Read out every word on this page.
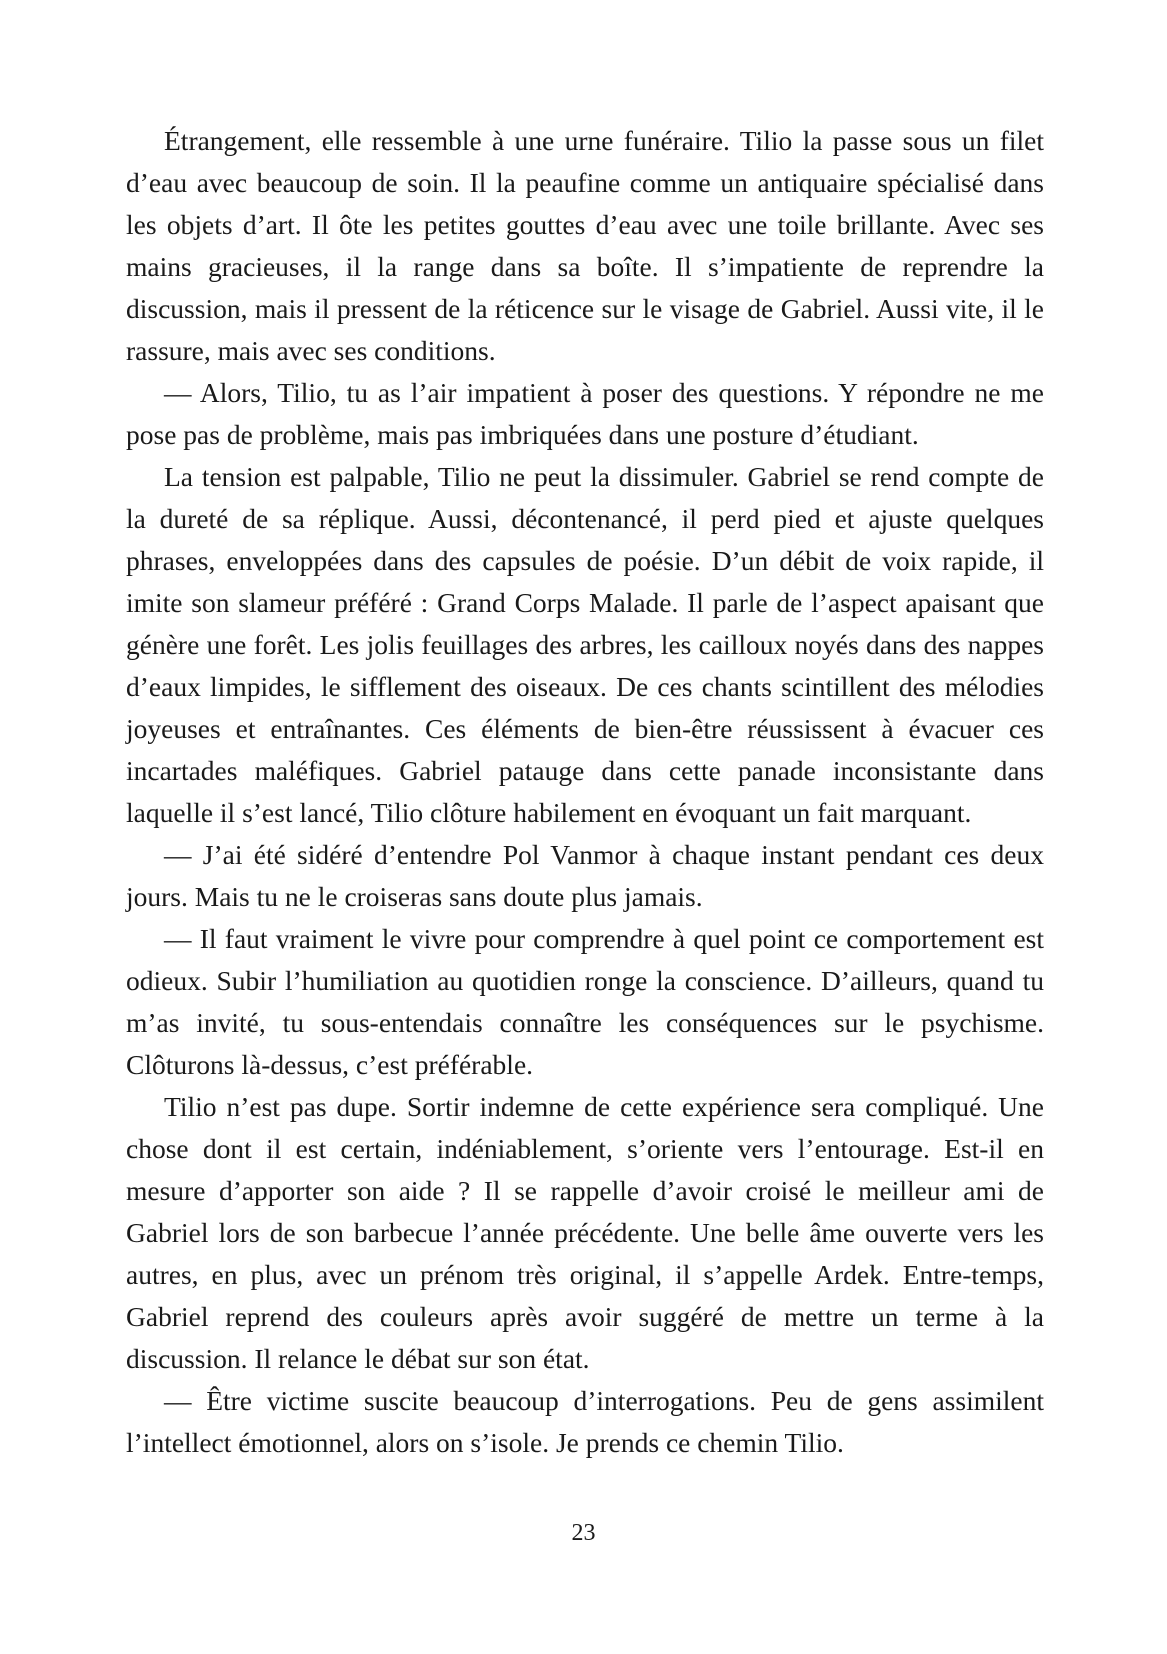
Étrangement, elle ressemble à une urne funéraire. Tilio la passe sous un filet d’eau avec beaucoup de soin. Il la peaufine comme un antiquaire spécialisé dans les objets d’art. Il ôte les petites gouttes d’eau avec une toile brillante. Avec ses mains gracieuses, il la range dans sa boîte. Il s’impatiente de reprendre la discussion, mais il pressent de la réticence sur le visage de Gabriel. Aussi vite, il le rassure, mais avec ses conditions.

— Alors, Tilio, tu as l’air impatient à poser des questions. Y répondre ne me pose pas de problème, mais pas imbriquées dans une posture d’étudiant.

La tension est palpable, Tilio ne peut la dissimuler. Gabriel se rend compte de la dureté de sa réplique. Aussi, décontenancé, il perd pied et ajuste quelques phrases, enveloppées dans des capsules de poésie. D’un débit de voix rapide, il imite son slameur préféré : Grand Corps Malade. Il parle de l’aspect apaisant que génère une forêt. Les jolis feuillages des arbres, les cailloux noyés dans des nappes d’eaux limpides, le sifflement des oiseaux. De ces chants scintillent des mélodies joyeuses et entraînantes. Ces éléments de bien-être réussissent à évacuer ces incartades maléfiques. Gabriel patauge dans cette panade inconsistante dans laquelle il s’est lancé, Tilio clôture habilement en évoquant un fait marquant.

— J’ai été sidéré d’entendre Pol Vanmor à chaque instant pendant ces deux jours. Mais tu ne le croiseras sans doute plus jamais.

— Il faut vraiment le vivre pour comprendre à quel point ce comportement est odieux. Subir l’humiliation au quotidien ronge la conscience. D’ailleurs, quand tu m’as invité, tu sous-entendais connaître les conséquences sur le psychisme. Clôturons là-dessus, c’est préférable.

Tilio n’est pas dupe. Sortir indemne de cette expérience sera compliqué. Une chose dont il est certain, indéniablement, s’oriente vers l’entourage. Est-il en mesure d’apporter son aide ? Il se rappelle d’avoir croisé le meilleur ami de Gabriel lors de son barbecue l’année précédente. Une belle âme ouverte vers les autres, en plus, avec un prénom très original, il s’appelle Ardek. Entre-temps, Gabriel reprend des couleurs après avoir suggéré de mettre un terme à la discussion. Il relance le débat sur son état.

— Être victime suscite beaucoup d’interrogations. Peu de gens assimilent l’intellect émotionnel, alors on s’isole. Je prends ce chemin Tilio.

23
